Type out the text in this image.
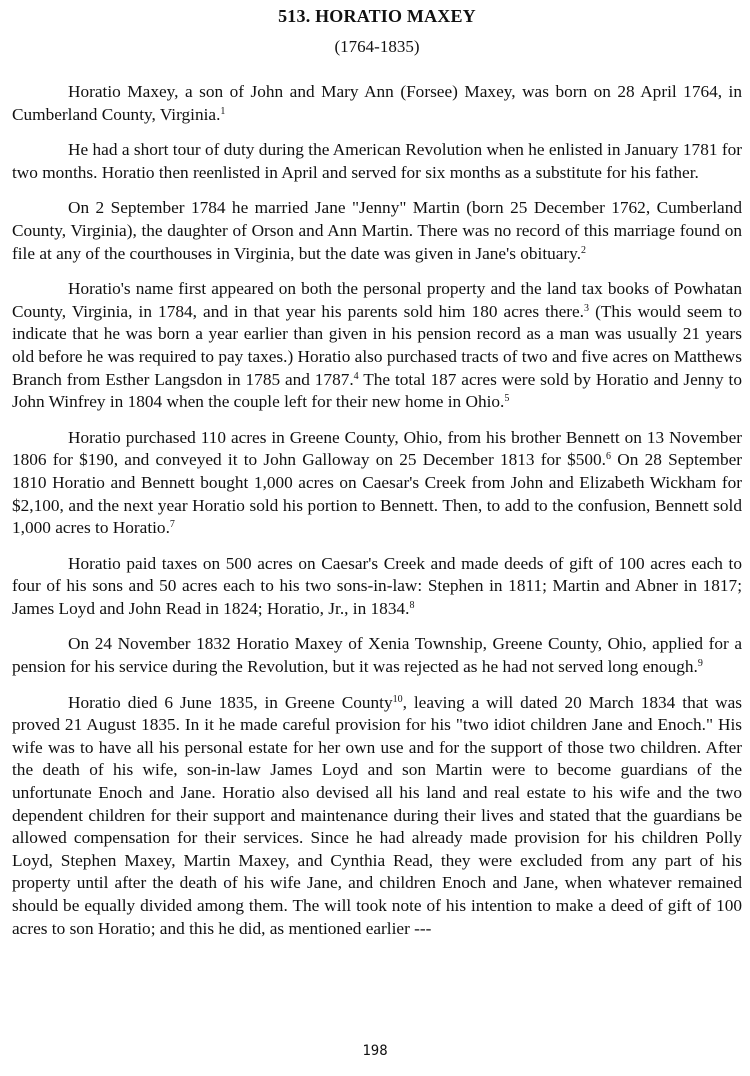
513. HORATIO MAXEY
(1764-1835)

Horatio Maxey, a son of John and Mary Ann (Forsee) Maxey, was born on 28 April 1764, in Cumberland County, Virginia.$^1$

He had a short tour of duty during the American Revolution when he enlisted in January 1781 for two months. Horatio then reenlisted in April and served for six months as a substitute for his father.

On 2 September 1784 he married Jane "Jenny" Martin (born 25 December 1762, Cumberland County, Virginia), the daughter of Orson and Ann Martin. There was no record of this marriage found on file at any of the courthouses in Virginia, but the date was given in Jane's obituary.$^2$

Horatio's name first appeared on both the personal property and the land tax books of Powhatan County, Virginia, in 1784, and in that year his parents sold him 180 acres there.$^3$ (This would seem to indicate that he was born a year earlier than given in his pension record as a man was usually 21 years old before he was required to pay taxes.) Horatio also purchased tracts of two and five acres on Matthews Branch from Esther Langsdon in 1785 and 1787.$^4$ The total 187 acres were sold by Horatio and Jenny to John Winfrey in 1804 when the couple left for their new home in Ohio.$^5$

Horatio purchased 110 acres in Greene County, Ohio, from his brother Bennett on 13 November 1806 for $190, and conveyed it to John Galloway on 25 December 1813 for $500.$^6$ On 28 September 1810 Horatio and Bennett bought 1,000 acres on Caesar's Creek from John and Elizabeth Wickham for $2,100, and the next year Horatio sold his portion to Bennett. Then, to add to the confusion, Bennett sold 1,000 acres to Horatio.$^7$

Horatio paid taxes on 500 acres on Caesar's Creek and made deeds of gift of 100 acres each to four of his sons and 50 acres each to his two sons-in-law: Stephen in 1811; Martin and Abner in 1817; James Loyd and John Read in 1824; Horatio, Jr., in 1834.$^8$

On 24 November 1832 Horatio Maxey of Xenia Township, Greene County, Ohio, applied for a pension for his service during the Revolution, but it was rejected as he had not served long enough.$^9$

Horatio died 6 June 1835, in Greene County$^{10}$, leaving a will dated 20 March 1834 that was proved 21 August 1835. In it he made careful provision for his "two idiot children Jane and Enoch." His wife was to have all his personal estate for her own use and for the support of those two children. After the death of his wife, son-in-law James Loyd and son Martin were to become guardians of the unfortunate Enoch and Jane. Horatio also devised all his land and real estate to his wife and the two dependent children for their support and maintenance during their lives and stated that the guardians be allowed compensation for their services. Since he had already made provision for his children Polly Loyd, Stephen Maxey, Martin Maxey, and Cynthia Read, they were excluded from any part of his property until after the death of his wife Jane, and children Enoch and Jane, when whatever remained should be equally divided among them. The will took note of his intention to make a deed of gift of 100 acres to son Horatio; and this he did, as mentioned earlier ---

198
